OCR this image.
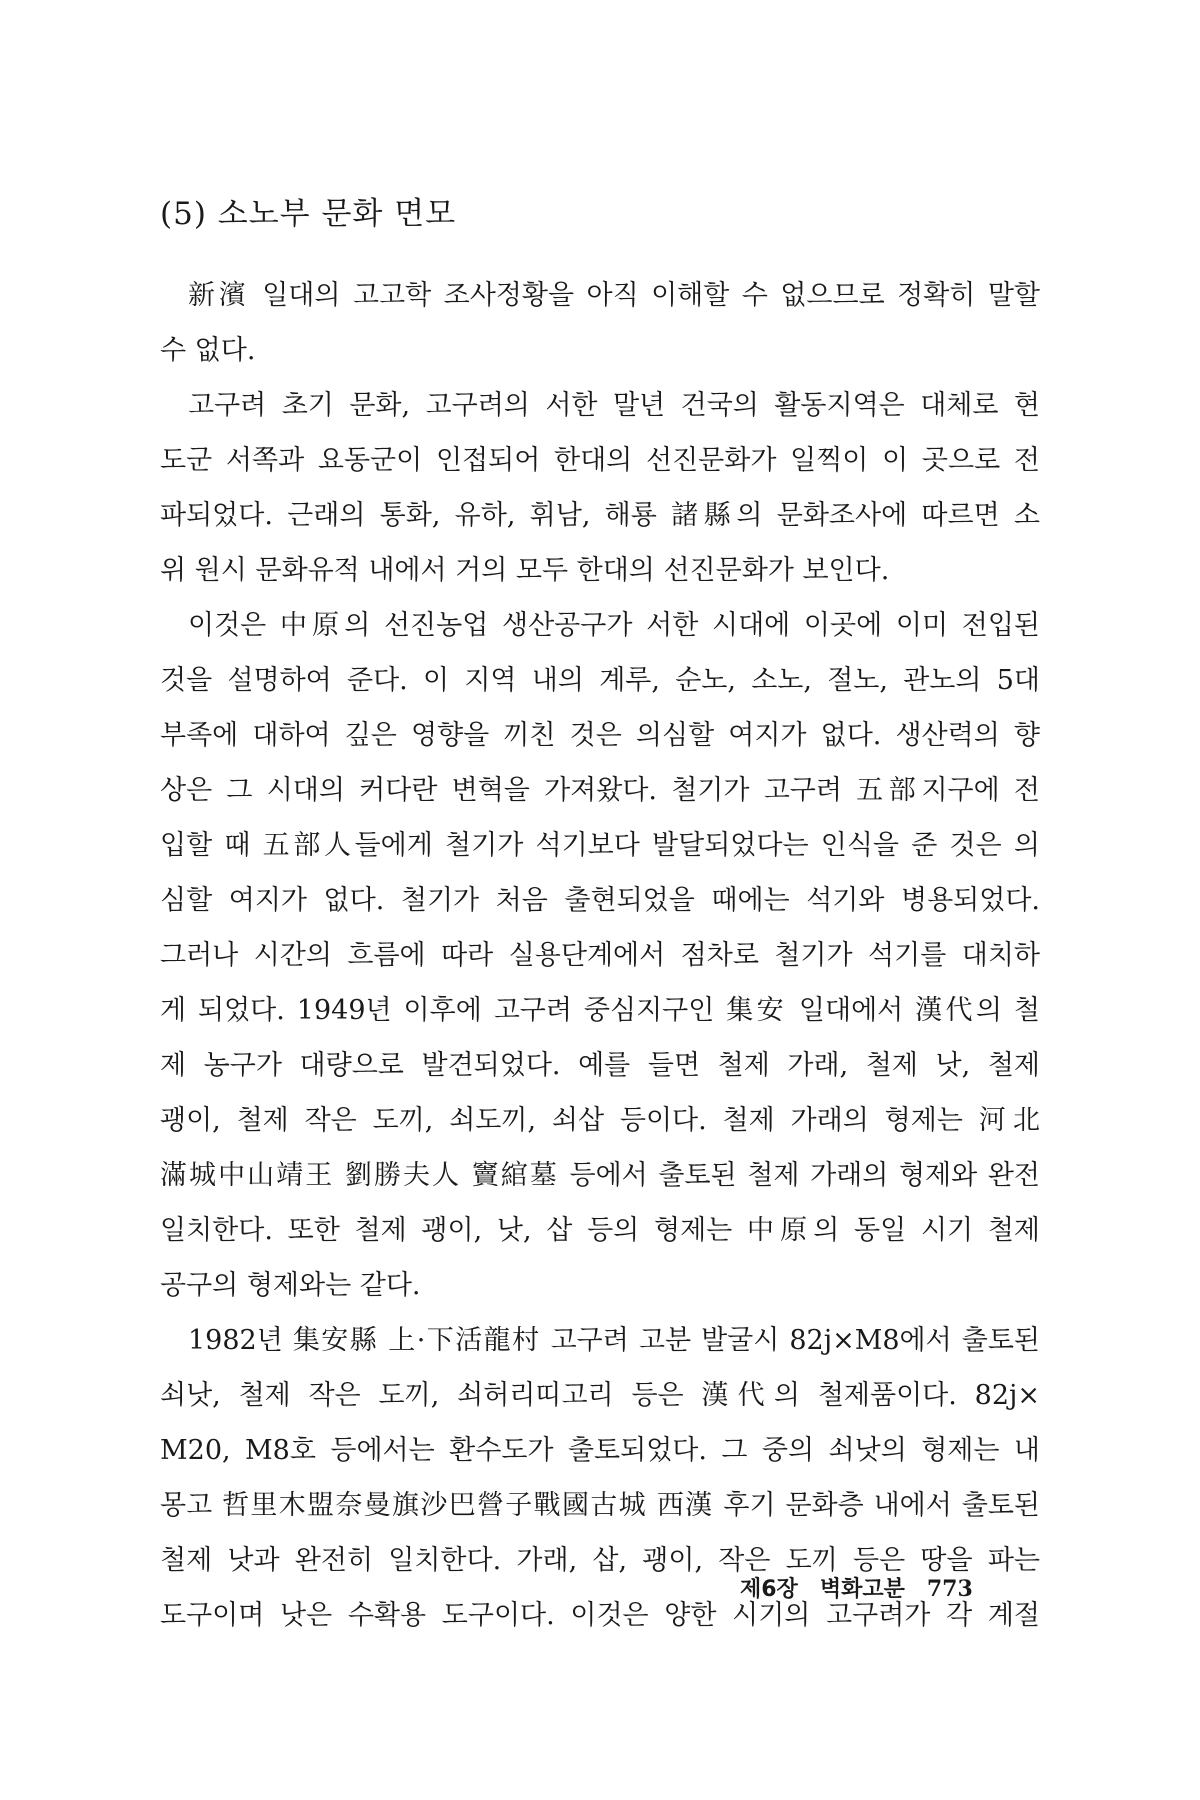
(5) 소노부 문화 면모
新濱 일대의 고고학 조사정황을 아직 이해할 수 없으므로 정확히 말할
수 없다.
고구려 초기 문화, 고구려의 서한 말년 건국의 활동지역은 대체로 현
도군 서쪽과 요동군이 인접되어 한대의 선진문화가 일찍이 이 곳으로 전
파되었다. 근래의 통화, 유하, 휘남, 해룡 諸縣의 문화조사에 따르면 소
위 원시 문화유적 내에서 거의 모두 한대의 선진문화가 보인다.
이것은 中原의 선진농업 생산공구가 서한 시대에 이곳에 이미 전입된
것을 설명하여 준다. 이 지역 내의 계루, 순노, 소노, 절노, 관노의 5대
부족에 대하여 깊은 영향을 끼친 것은 의심할 여지가 없다. 생산력의 향
상은 그 시대의 커다란 변혁을 가져왔다. 철기가 고구려 五部지구에 전
입할 때 五部人들에게 철기가 석기보다 발달되었다는 인식을 준 것은 의
심할 여지가 없다. 철기가 처음 출현되었을 때에는 석기와 병용되었다.
그러나 시간의 흐름에 따라 실용단계에서 점차로 철기가 석기를 대치하
게 되었다. 1949년 이후에 고구려 중심지구인 集安 일대에서 漢代의 철
제 농구가 대량으로 발견되었다. 예를 들면 철제 가래, 철제 낫, 철제
괭이, 철제 작은 도끼, 쇠도끼, 쇠삽 등이다. 철제 가래의 형제는 河北
滿城中山靖王 劉勝夫人 竇綰墓 등에서 출토된 철제 가래의 형제와 완전
일치한다. 또한 철제 괭이, 낫, 삽 등의 형제는 中原의 동일 시기 철제
공구의 형제와는 같다.
1982년 集安縣 上·下活龍村 고구려 고분 발굴시 82j×M8에서 출토된
쇠낫, 철제 작은 도끼, 쇠허리띠고리 등은 漢代의 철제품이다. 82j×
M20, M8호 등에서는 환수도가 출토되었다. 그 중의 쇠낫의 형제는 내
몽고 哲里木盟奈曼旗沙巴營子戰國古城 西漢 후기 문화층 내에서 출토된
철제 낫과 완전히 일치한다. 가래, 삽, 괭이, 작은 도끼 등은 땅을 파는
도구이며 낫은 수확용 도구이다. 이것은 양한 시기의 고구려가 각 계절
제6장 벽화고분 773
